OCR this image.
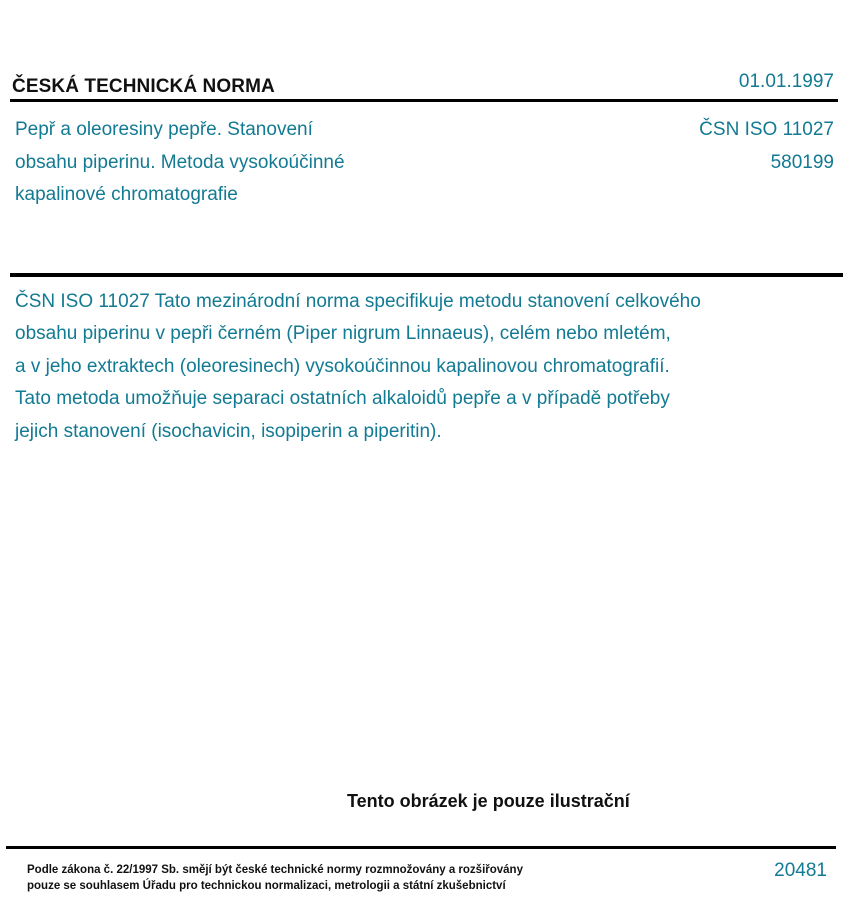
ČESKÁ TECHNICKÁ NORMA	01.01.1997
Pepř a oleoresiny pepře. Stanovení
obsahu piperinu. Metoda vysokoúčinné
kapalinové chromatografie
ČSN ISO 11027
580199
ČSN ISO 11027 Tato mezinárodní norma specifikuje metodu stanovení celkového
obsahu piperinu v pepři černém (Piper nigrum Linnaeus), celém nebo mletém,
a v jeho extraktech (oleoresinech) vysokoúčinnou kapalinovou chromatografií.
Tato metoda umožňuje separaci ostatních alkaloidů pepře a v případě potřeby
jejich stanovení (isochavicin, isopiperin a piperitin).
Tento obrázek je pouze ilustrační
Podle zákona č. 22/1997 Sb. smějí být české technické normy rozmnožovány a rozšiřovány
pouze se souhlasem Úřadu pro technickou normalizaci, metrologii a státní zkušebnictví
20481
